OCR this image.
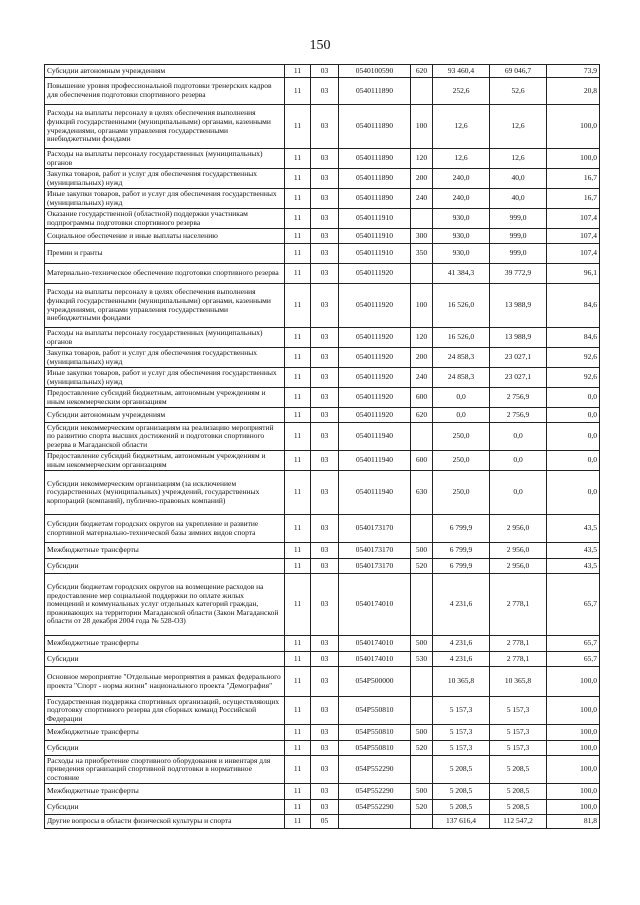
150
Субсидии автономным учреждениям	11	03	0540100590	620	93 460,4	69 046,7	73,9
Повышение уровня профессиональной подготовки тренерских кадров для обеспечения подготовки спортивного резерва	11	03	0540111890		252,6	52,6	20,8
Расходы на выплаты персоналу в целях обеспечения выполнения функций государственными (муниципальными) органами, казенными учреждениями, органами управления государственными внебюджетными фондами	11	03	0540111890	100	12,6	12,6	100,0
Расходы на выплаты персоналу государственных (муниципальных) органов	11	03	0540111890	120	12,6	12,6	100,0
Закупка товаров, работ и услуг для обеспечения государственных (муниципальных) нужд	11	03	0540111890	200	240,0	40,0	16,7
Иные закупки товаров, работ и услуг для обеспечения государственных (муниципальных) нужд	11	03	0540111890	240	240,0	40,0	16,7
Оказание государственной (областной) поддержки участникам подпрограммы подготовки спортивного резерва	11	03	0540111910		930,0	999,0	107,4
Социальное обеспечение и иные выплаты населению	11	03	0540111910	300	930,0	999,0	107,4
Премии и гранты	11	03	0540111910	350	930,0	999,0	107,4
Материально-техническое обеспечение подготовки спортивного резерва	11	03	0540111920		41 384,3	39 772,9	96,1
Расходы на выплаты персоналу в целях обеспечения выполнения функций государственными (муниципальными) органами, казенными учреждениями, органами управления государственными внебюджетными фондами	11	03	0540111920	100	16 526,0	13 988,9	84,6
Расходы на выплаты персоналу государственных (муниципальных) органов	11	03	0540111920	120	16 526,0	13 988,9	84,6
Закупка товаров, работ и услуг для обеспечения государственных (муниципальных) нужд	11	03	0540111920	200	24 858,3	23 027,1	92,6
Иные закупки товаров, работ и услуг для обеспечения государственных (муниципальных) нужд	11	03	0540111920	240	24 858,3	23 027,1	92,6
Предоставление субсидий бюджетным, автономным учреждениям и иным некоммерческим организациям	11	03	0540111920	600	0,0	2 756,9	0,0
Субсидии автономным учреждениям	11	03	0540111920	620	0,0	2 756,9	0,0
Субсидии некоммерческим организациям на реализацию мероприятий по развитию спорта высших достижений и подготовки спортивного резерва в Магаданской области	11	03	0540111940		250,0	0,0	0,0
Предоставление субсидий бюджетным, автономным учреждениям и иным некоммерческим организациям	11	03	0540111940	600	250,0	0,0	0,0
Субсидии некоммерческим организациям (за исключением государственных (муниципальных) учреждений, государственных корпораций (компаний), публично-правовых компаний)	11	03	0540111940	630	250,0	0,0	0,0
Субсидии бюджетам городских округов на укрепление и развитие спортивной материально-технической базы зимних видов спорта	11	03	0540173170		6 799,9	2 956,0	43,5
Межбюджетные трансферты	11	03	0540173170	500	6 799,9	2 956,0	43,5
Субсидии	11	03	0540173170	520	6 799,9	2 956,0	43,5
Субсидии бюджетам городских округов на возмещение расходов на предоставление мер социальной поддержки по оплате жилых помещений и коммунальных услуг отдельных категорий граждан, проживающих на территории Магаданской области (Закон Магаданской области от 28 декабря 2004 года № 528-ОЗ)	11	03	0540174010		4 231,6	2 778,1	65,7
Межбюджетные трансферты	11	03	0540174010	500	4 231,6	2 778,1	65,7
Субсидии	11	03	0540174010	530	4 231,6	2 778,1	65,7
Основное мероприятие "Отдельные мероприятия в рамках федерального проекта "Спорт - норма жизни" национального проекта "Демография"	11	03	054P500000		10 365,8	10 365,8	100,0
Государственная поддержка спортивных организаций, осуществляющих подготовку спортивного резерва для сборных команд Российской Федерации	11	03	054P550810		5 157,3	5 157,3	100,0
Межбюджетные трансферты	11	03	054P550810	500	5 157,3	5 157,3	100,0
Субсидии	11	03	054P550810	520	5 157,3	5 157,3	100,0
Расходы на приобретение спортивного оборудования и инвентаря для приведения организаций спортивной подготовки в нормативное состояние	11	03	054P552290		5 208,5	5 208,5	100,0
Межбюджетные трансферты	11	03	054P552290	500	5 208,5	5 208,5	100,0
Субсидии	11	03	054P552290	520	5 208,5	5 208,5	100,0
Другие вопросы в области физической культуры и спорта	11	05			137 616,4	112 547,2	81,8
